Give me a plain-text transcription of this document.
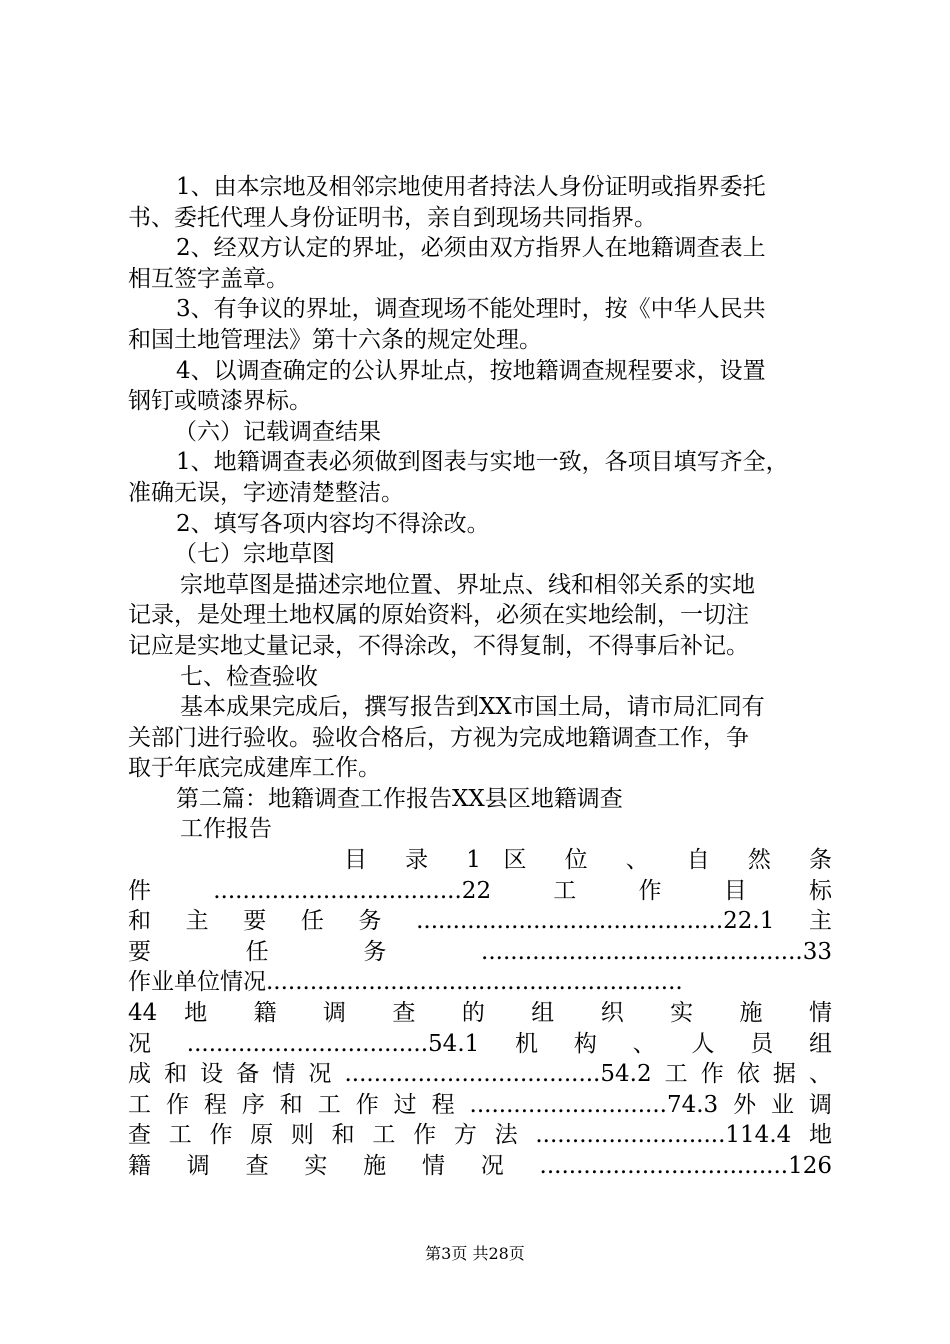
1、由本宗地及相邻宗地使用者持法人身份证明或指界委托
书、委托代理人身份证明书，亲自到现场共同指界。
2、经双方认定的界址，必须由双方指界人在地籍调查表上
相互签字盖章。
3、有争议的界址，调查现场不能处理时，按《中华人民共
和国土地管理法》第十六条的规定处理。
4、以调查确定的公认界址点，按地籍调查规程要求，设置
钢钉或喷漆界标。
（六）记载调查结果
1、地籍调查表必须做到图表与实地一致，各项目填写齐全，
准确无误，字迹清楚整洁。
2、填写各项内容均不得涂改。
（七）宗地草图
宗地草图是描述宗地位置、界址点、线和相邻关系的实地
记录，是处理土地权属的原始资料，必须在实地绘制，一切注
记应是实地丈量记录，不得涂改，不得复制，不得事后补记。
七、检查验收
基本成果完成后，撰写报告到XX市国土局，请市局汇同有
关部门进行验收。验收合格后，方视为完成地籍调查工作，争
取于年底完成建库工作。
第二篇：地籍调查工作报告XX县区地籍调查
工作报告
目 录 1 区 位 、 自 然 条
件..................................22工作目标
和主要任务..........................................22.1主
要 任 务 ............................................33
作业单位情况.........................................................
44 地 籍 调 查 的 组 织 实 施 情
况.................................54.1机构、人员组
成和设备情况...................................54.2工作依据、
工作程序和工作过程...........................74.3外业调
查工作原则和工作方法..........................114.4地
籍调查实施情况..................................126
第3页 共28页
